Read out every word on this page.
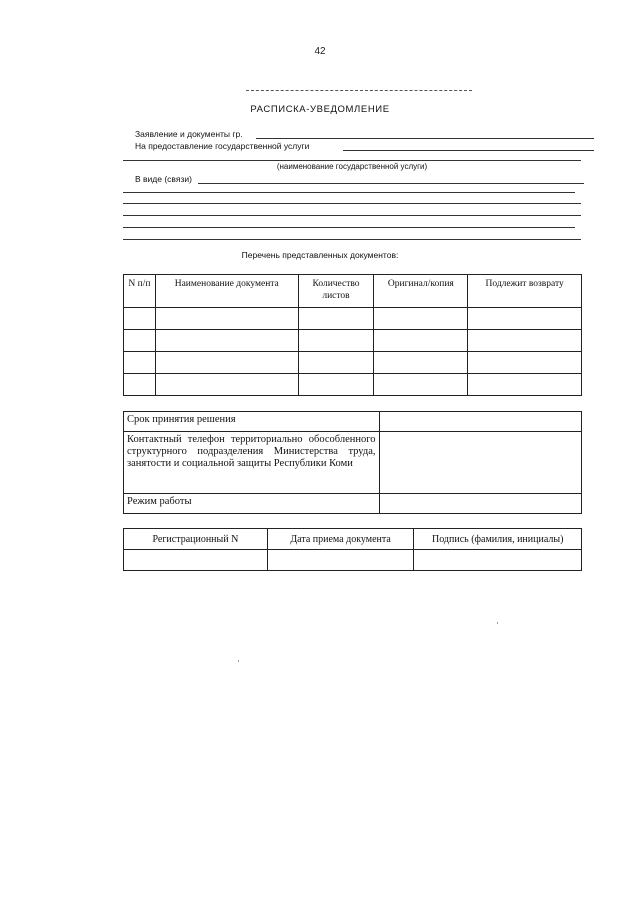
42
РАСПИСКА-УВЕДОМЛЕНИЕ
Заявление и документы гр.
На предоставление государственной услуги
(наименование государственной услуги)
В виде (связи)
Перечень представленных документов:
N п/п	Наименование документа	Количество листов	Оригинал/копия	Подлежит возврату

Срок принятия решения	
Контактный телефон территориально обособленного структурного подразделения Министерства труда, занятости и социальной защиты Республики Коми	
Режим работы	
Регистрационный N	Дата приема документа	Подпись (фамилия, инициалы)
